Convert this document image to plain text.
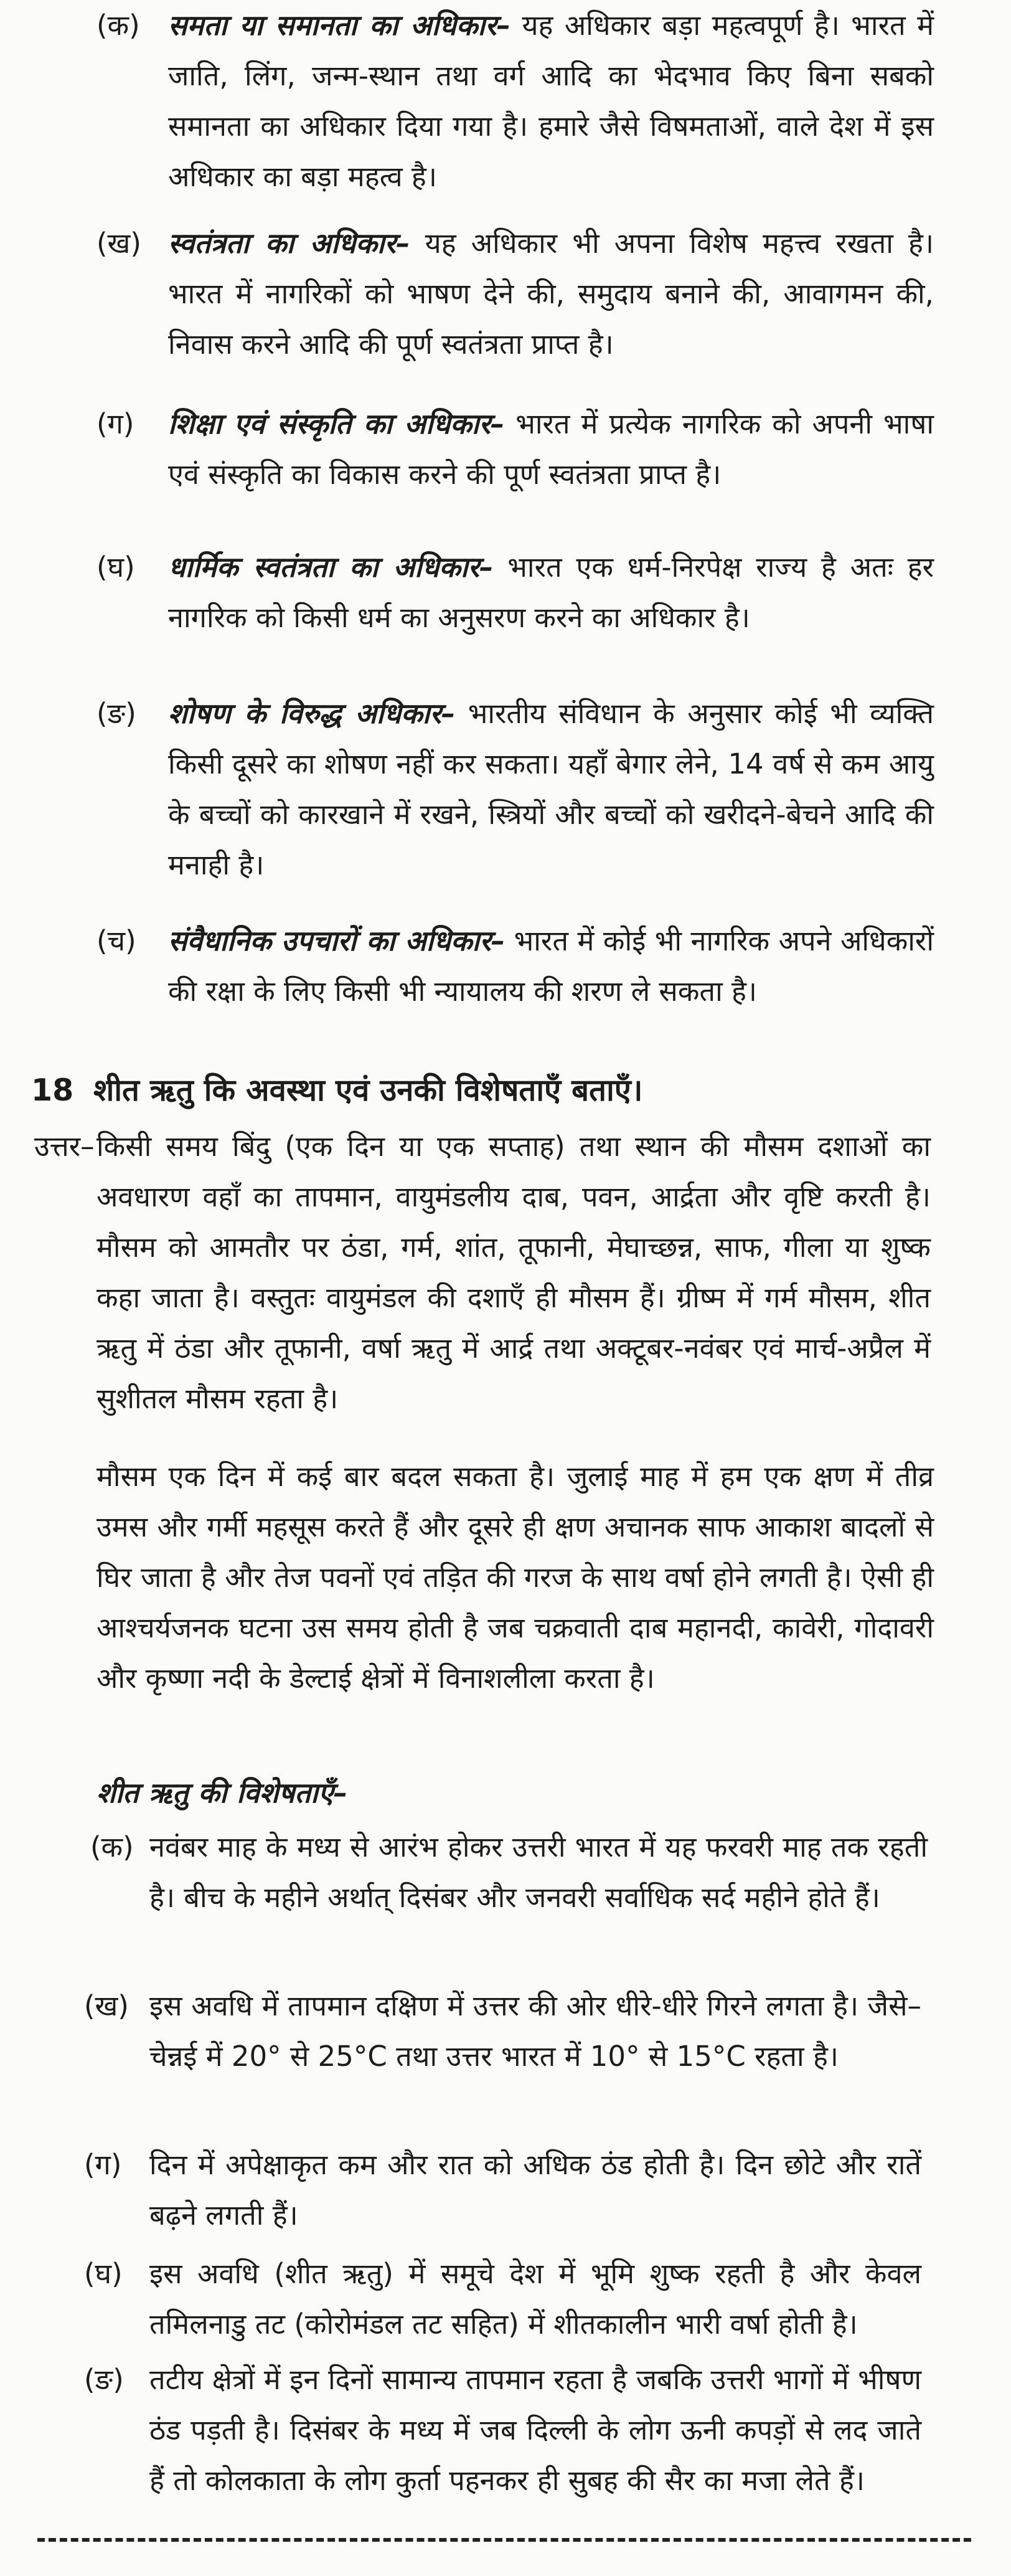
(क) समता या समानता का अधिकार– यह अधिकार बड़ा महत्वपूर्ण है। भारत में जाति, लिंग, जन्म-स्थान तथा वर्ग आदि का भेदभाव किए बिना सबको समानता का अधिकार दिया गया है। हमारे जैसे विषमताओं, वाले देश में इस अधिकार का बड़ा महत्व है।
(ख) स्वतंत्रता का अधिकार– यह अधिकार भी अपना विशेष महत्त्व रखता है। भारत में नागरिकों को भाषण देने की, समुदाय बनाने की, आवागमन की, निवास करने आदि की पूर्ण स्वतंत्रता प्राप्त है।
(ग) शिक्षा एवं संस्कृति का अधिकार– भारत में प्रत्येक नागरिक को अपनी भाषा एवं संस्कृति का विकास करने की पूर्ण स्वतंत्रता प्राप्त है।
(घ) धार्मिक स्वतंत्रता का अधिकार– भारत एक धर्म-निरपेक्ष राज्य है अतः हर नागरिक को किसी धर्म का अनुसरण करने का अधिकार है।
(ङ) शोषण के विरुद्ध अधिकार– भारतीय संविधान के अनुसार कोई भी व्यक्ति किसी दूसरे का शोषण नहीं कर सकता। यहाँ बेगार लेने, 14 वर्ष से कम आयु के बच्चों को कारखाने में रखने, स्त्रियों और बच्चों को खरीदने-बेचने आदि की मनाही है।
(च) संवैधानिक उपचारों का अधिकार– भारत में कोई भी नागरिक अपने अधिकारों की रक्षा के लिए किसी भी न्यायालय की शरण ले सकता है।
18 शीत ऋतु कि अवस्था एवं उनकी विशेषताएँ बताएँ।
उत्तर– किसी समय बिंदु (एक दिन या एक सप्ताह) तथा स्थान की मौसम दशाओं का अवधारण वहाँ का तापमान, वायुमंडलीय दाब, पवन, आर्द्रता और वृष्टि करती है। मौसम को आमतौर पर ठंडा, गर्म, शांत, तूफानी, मेघाच्छन्न, साफ, गीला या शुष्क कहा जाता है। वस्तुतः वायुमंडल की दशाएँ ही मौसम हैं। ग्रीष्म में गर्म मौसम, शीत ऋतु में ठंडा और तूफानी, वर्षा ऋतु में आर्द्र तथा अक्टूबर-नवंबर एवं मार्च-अप्रैल में सुशीतल मौसम रहता है।
मौसम एक दिन में कई बार बदल सकता है। जुलाई माह में हम एक क्षण में तीव्र उमस और गर्मी महसूस करते हैं और दूसरे ही क्षण अचानक साफ आकाश बादलों से घिर जाता है और तेज पवनों एवं तड़ित की गरज के साथ वर्षा होने लगती है। ऐसी ही आश्चर्यजनक घटना उस समय होती है जब चक्रवाती दाब महानदी, कावेरी, गोदावरी और कृष्णा नदी के डेल्टाई क्षेत्रों में विनाशलीला करता है।
शीत ऋतु की विशेषताएँ–
(क) नवंबर माह के मध्य से आरंभ होकर उत्तरी भारत में यह फरवरी माह तक रहती है। बीच के महीने अर्थात् दिसंबर और जनवरी सर्वाधिक सर्द महीने होते हैं।
(ख) इस अवधि में तापमान दक्षिण में उत्तर की ओर धीरे-धीरे गिरने लगता है। जैसे– चेन्नई में 20° से 25°C तथा उत्तर भारत में 10° से 15°C रहता है।
(ग) दिन में अपेक्षाकृत कम और रात को अधिक ठंड होती है। दिन छोटे और रातें बढ़ने लगती हैं।
(घ) इस अवधि (शीत ऋतु) में समूचे देश में भूमि शुष्क रहती है और केवल तमिलनाडु तट (कोरोमंडल तट सहित) में शीतकालीन भारी वर्षा होती है।
(ङ) तटीय क्षेत्रों में इन दिनों सामान्य तापमान रहता है जबकि उत्तरी भागों में भीषण ठंड पड़ती है। दिसंबर के मध्य में जब दिल्ली के लोग ऊनी कपड़ों से लद जाते हैं तो कोलकाता के लोग कुर्ता पहनकर ही सुबह की सैर का मजा लेते हैं।
